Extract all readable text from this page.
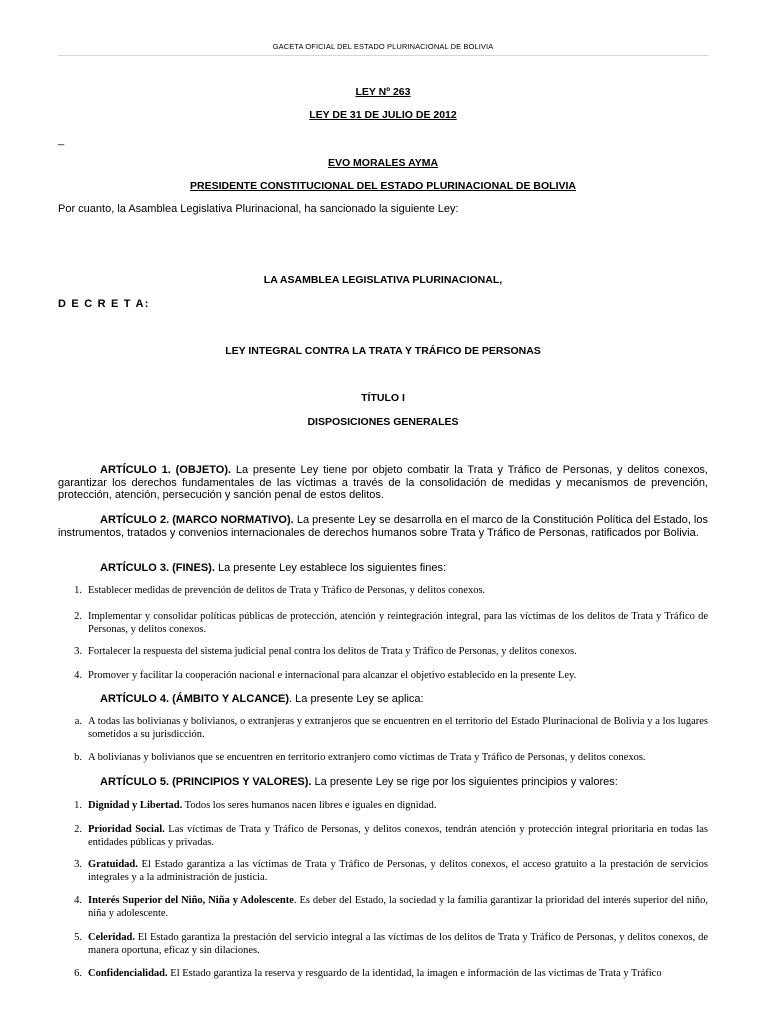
GACETA OFICIAL DEL ESTADO PLURINACIONAL DE BOLIVIA
LEY Nº 263
LEY DE 31 DE JULIO DE 2012
_
EVO MORALES AYMA
PRESIDENTE CONSTITUCIONAL DEL ESTADO PLURINACIONAL DE BOLIVIA
Por cuanto, la Asamblea Legislativa Plurinacional, ha sancionado la siguiente Ley:
LA ASAMBLEA LEGISLATIVA PLURINACIONAL,
D E C R E T A:
LEY INTEGRAL CONTRA LA TRATA Y TRÁFICO DE PERSONAS
TÍTULO I
DISPOSICIONES GENERALES
ARTÍCULO 1. (OBJETO). La presente Ley tiene por objeto combatir la Trata y Tráfico de Personas, y delitos conexos, garantizar los derechos fundamentales de las víctimas a través de la consolidación de medidas y mecanismos de prevención, protección, atención, persecución y sanción penal de estos delitos.
ARTÍCULO 2. (MARCO NORMATIVO). La presente Ley se desarrolla en el marco de la Constitución Política del Estado, los instrumentos, tratados y convenios internacionales de derechos humanos sobre Trata y Tráfico de Personas, ratificados por Bolivia.
ARTÍCULO 3. (FINES). La presente Ley establece los siguientes fines:
1. Establecer medidas de prevención de delitos de Trata y Tráfico de Personas, y delitos conexos.
2. Implementar y consolidar políticas públicas de protección, atención y reintegración integral, para las víctimas de los delitos de Trata y Tráfico de Personas, y delitos conexos.
3. Fortalecer la respuesta del sistema judicial penal contra los delitos de Trata y Tráfico de Personas, y delitos conexos.
4. Promover y facilitar la cooperación nacional e internacional para alcanzar el objetivo establecido en la presente Ley.
ARTÍCULO 4. (ÁMBITO Y ALCANCE). La presente Ley se aplica:
a. A todas las bolivianas y bolivianos, o extranjeras y extranjeros que se encuentren en el territorio del Estado Plurinacional de Bolivia y a los lugares sometidos a su jurisdicción.
b. A bolivianas y bolivianos que se encuentren en territorio extranjero como víctimas de Trata y Tráfico de Personas, y delitos conexos.
ARTÍCULO 5. (PRINCIPIOS Y VALORES). La presente Ley se rige por los siguientes principios y valores:
1. Dignidad y Libertad. Todos los seres humanos nacen libres e iguales en dignidad.
2. Prioridad Social. Las víctimas de Trata y Tráfico de Personas, y delitos conexos, tendrán atención y protección integral prioritaria en todas las entidades públicas y privadas.
3. Gratuidad. El Estado garantiza a las víctimas de Trata y Tráfico de Personas, y delitos conexos, el acceso gratuito a la prestación de servicios integrales y a la administración de justicia.
4. Interés Superior del Niño, Niña y Adolescente. Es deber del Estado, la sociedad y la familia garantizar la prioridad del interés superior del niño, niña y adolescente.
5. Celeridad. El Estado garantiza la prestación del servicio integral a las víctimas de los delitos de Trata y Tráfico de Personas, y delitos conexos, de manera oportuna, eficaz y sin dilaciones.
6. Confidencialidad. El Estado garantiza la reserva y resguardo de la identidad, la imagen e información de las víctimas de Trata y Tráfico
